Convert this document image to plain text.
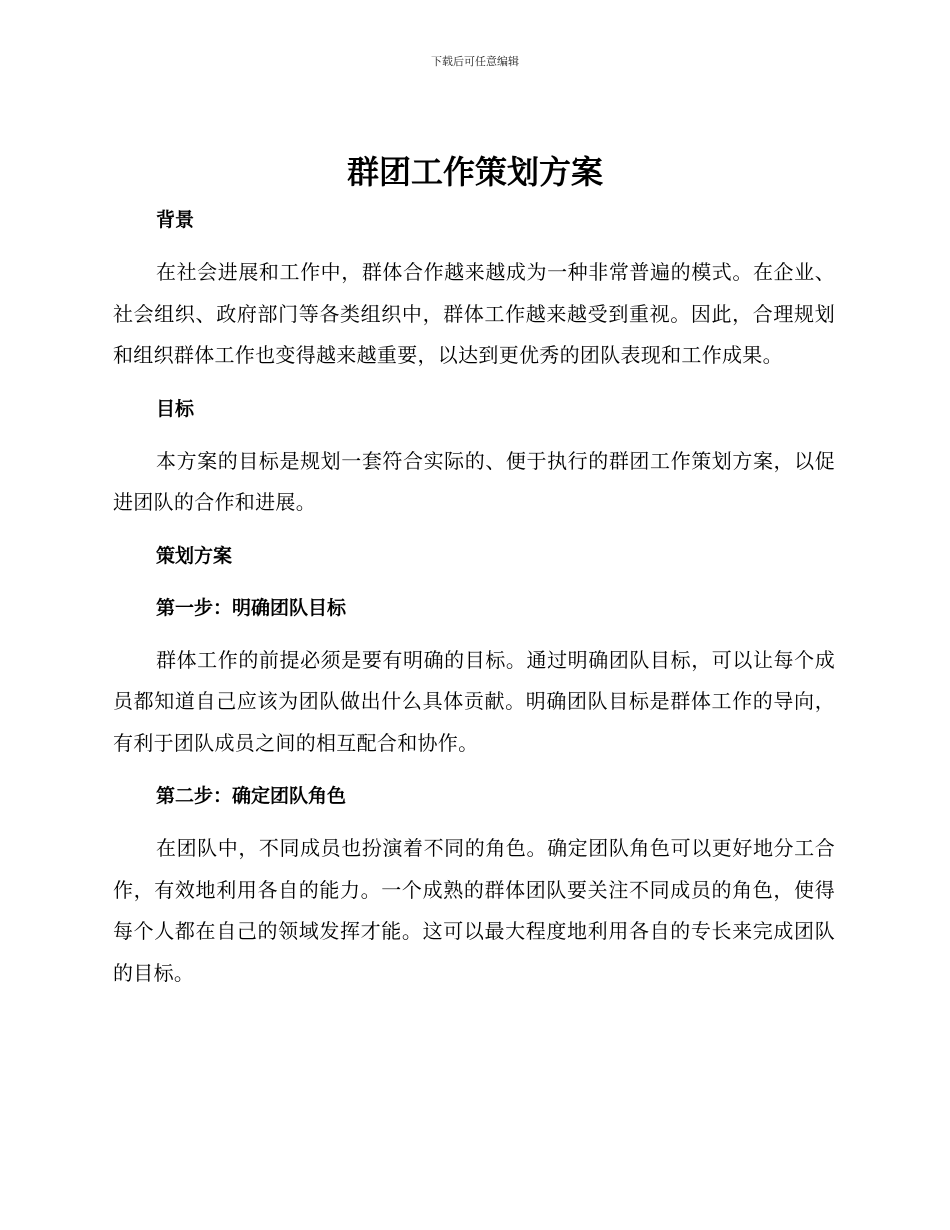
下载后可任意编辑
群团工作策划方案
背景

在社会进展和工作中，群体合作越来越成为一种非常普遍的模式。在企业、社会组织、政府部门等各类组织中，群体工作越来越受到重视。因此，合理规划和组织群体工作也变得越来越重要，以达到更优秀的团队表现和工作成果。

目标

本方案的目标是规划一套符合实际的、便于执行的群团工作策划方案，以促进团队的合作和进展。

策划方案
第一步：明确团队目标

群体工作的前提必须是要有明确的目标。通过明确团队目标，可以让每个成员都知道自己应该为团队做出什么具体贡献。明确团队目标是群体工作的导向，有利于团队成员之间的相互配合和协作。

第二步：确定团队角色

在团队中，不同成员也扮演着不同的角色。确定团队角色可以更好地分工合作，有效地利用各自的能力。一个成熟的群体团队要关注不同成员的角色，使得每个人都在自己的领域发挥才能。这可以最大程度地利用各自的专长来完成团队的目标。
